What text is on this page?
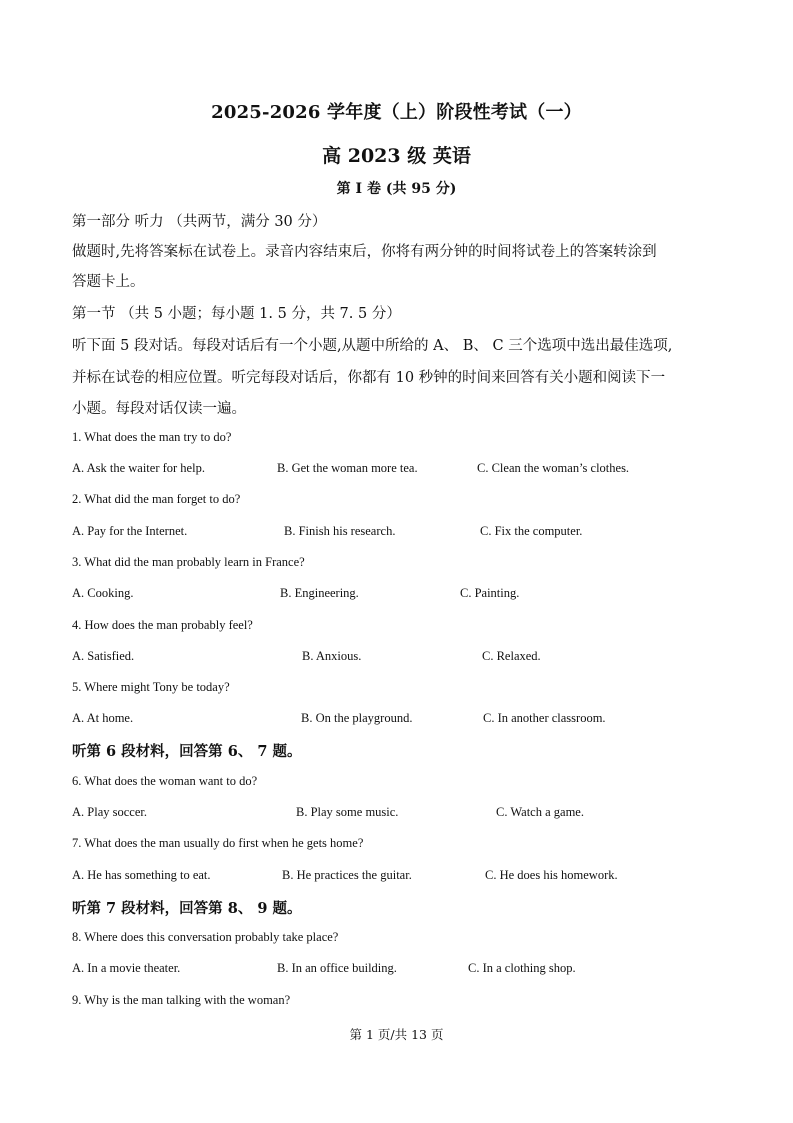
2025-2026 学年度（上）阶段性考试（一）
高 2023 级 英语
第 I 卷 (共 95 分)
第一部分 听力 （共两节，满分 30 分）
做题时,先将答案标在试卷上。录音内容结束后，你将有两分钟的时间将试卷上的答案转涂到
答题卡上。
第一节 （共 5 小题；每小题 1. 5 分，共 7. 5 分）
听下面 5 段对话。每段对话后有一个小题,从题中所给的 A、 B、 C 三个选项中选出最佳选项,
并标在试卷的相应位置。听完每段对话后，你都有 10 秒钟的时间来回答有关小题和阅读下一
小题。每段对话仅读一遍。
1. What does the man try to do?
A. Ask the waiter for help.	B. Get the woman more tea.	C. Clean the woman’s clothes.
2. What did the man forget to do?
A. Pay for the Internet.	B. Finish his research.	C. Fix the computer.
3. What did the man probably learn in France?
A. Cooking.	B. Engineering.	C. Painting.
4. How does the man probably feel?
A. Satisfied.	B. Anxious.	C. Relaxed.
5. Where might Tony be today?
A. At home.	B. On the playground.	C. In another classroom.
听第 6 段材料，回答第 6、 7 题。
6. What does the woman want to do?
A. Play soccer.	B. Play some music.	C. Watch a game.
7. What does the man usually do first when he gets home?
A. He has something to eat.	B. He practices the guitar.	C. He does his homework.
听第 7 段材料，回答第 8、 9 题。
8. Where does this conversation probably take place?
A. In a movie theater.	B. In an office building.	C. In a clothing shop.
9. Why is the man talking with the woman?
第 1 页/共 13 页
